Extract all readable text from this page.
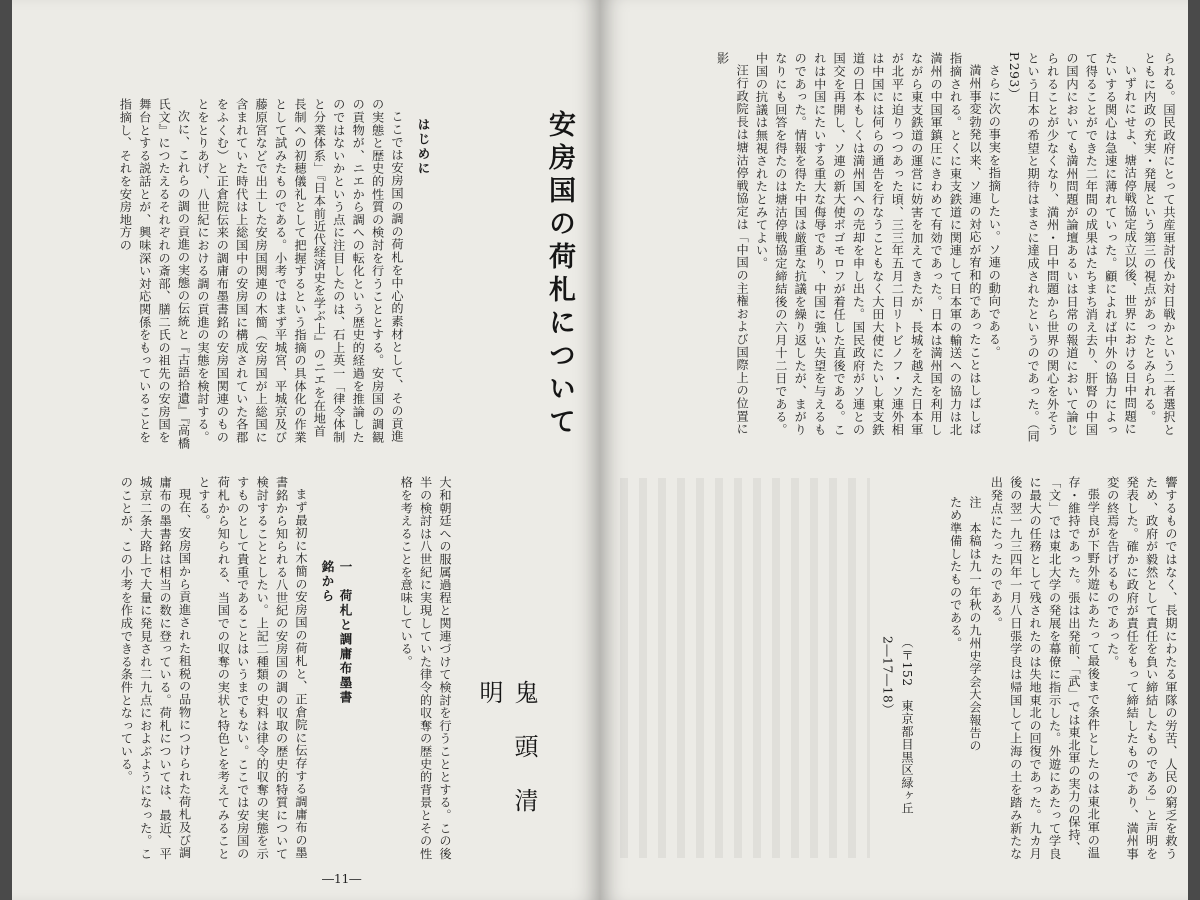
安房国の荷札について
はじめに

ここでは安房国の調の荷札を中心的素材として、その貢進の実態と歴史的性質の検討を行うこととする。安房国の調観の貢物が、ニエから調への転化という歴史的経過を推論したのではないかという点に注目したのは、石上英一「律令体制と分業体系」『日本前近代経済史を学ぶ上』のニエを在地首長制への初穂儀礼として把握するという指摘の具体化の作業として試みたものである。小考ではまず平城宮、平城京及び藤原宮などで出土した安房国関連の木簡（安房国が上総国に含まれていた時代は上総国中の安房国に構成されていた各郡をふくむ）と正倉院伝来の調庸布墨書銘の安房国関連のものとをとりあげ、八世紀における調の貢進の実態を検討する。

次に、これらの調の貢進の実態の伝統と『古語拾遺』『高橋氏文』につたえるそれぞれの斎部、膳二氏の祖先の安房国を舞台とする説話とが、興味深い対応関係をもっていることを指摘し、それを安房地方の

鬼頭清明

大和朝廷への服属過程と関連づけて検討を行うこととする。この後半の検討は八世紀に実現していた律令的収奪の歴史的背景とその性格を考えることを意味している。

一　荷札と調庸布墨書銘から

まず最初に木簡の安房国の荷札と、正倉院に伝存する調庸布の墨書銘から知られる八世紀の安房国の調の収取の歴史的特質について検討することとしたい。上記二種類の史料は律令的収奪の実態を示すものとして貴重であることはいうまでもない。ここでは安房国の荷札から知られる、当国での収奪の実状と特色とを考えてみることとする。

現在、安房国から貢進された租税の品物につけられた荷札及び調庸布の墨書銘は相当の数に登っている。荷札については、最近、平城京二条大路上で大量に発見され二九点におよぶようになった。このことが、この小考を作成できる条件となっている。

―11―

られる。国民政府にとって共産軍討伐か対日戦かという二者選択とともに内政の充実・発展という第三の視点があったとみられる。

いずれにせよ、塘沽停戦協定成立以後、世界における日中問題にたいする関心は急速に薄れていった。顧によれば中外の協力によって得ることができた二年間の成果はたちまち消え去り、肝腎の中国の国内においても満州問題が論壇あるいは日常の報道において論じられることが少なくなり、満州・日中問題から世界の関心を外そうという日本の希望と期待はまさに達成されたというのであった。（同 P.293）

さらに次の事実を指摘したい。ソ連の動向である。

満州事変勃発以来、ソ連の対応が宥和的であったことはしばしば指摘される。とくに東支鉄道に関連して日本軍の輸送への協力は北満州の中国軍鎮圧にきわめて有効であった。日本は満州国を利用しながら東支鉄道の運営に妨害を加えてきたが、長城を越えた日本軍が北平に迫りつつあった頃、三三年五月二日リトビノフ・ソ連外相は中国には何らの通告を行なうこともなく大田大使にたいし東支鉄道の日本もしくは満州国への売却を申し出た。国民政府がソ連との国交を再開し、ソ連の新大使ボゴモロフが着任した直後である。これは中国にたいする重大な侮辱であり、中国に強い失望を与えるものであった。情報を得た中国は厳重な抗議を繰り返したが、まがりなりにも回答を得たのは塘沽停戦協定締結後の六月十二日である。中国の抗議は無視されたとみてよい。

汪行政院長は塘沽停戦協定は「中国の主権および国際上の位置に影

響するものではなく、長期にわたる軍隊の労苦、人民の窮乏を救うため、政府が毅然として責任を負い締結したものである」と声明を発表した。確かに政府が責任をもって締結したものであり、満州事変の終焉を告げるものであった。

張学良が下野外遊にあたって最後まで条件としたのは東北軍の温存・維持であった。張は出発前、「武」では東北軍の実力の保持、「文」では東北大学の発展を幕僚に指示した。外遊にあたって学良に最大の任務として残されたのは失地東北の回復であった。九カ月後の翌一九三四年一月八日張学良は帰国して上海の土を踏み新たな出発点にたったのである。

注　本稿は九一年秋の九州史学会大会報告のため準備したものである。

（〒152　東京都目黒区緑ヶ丘2―17―18）
